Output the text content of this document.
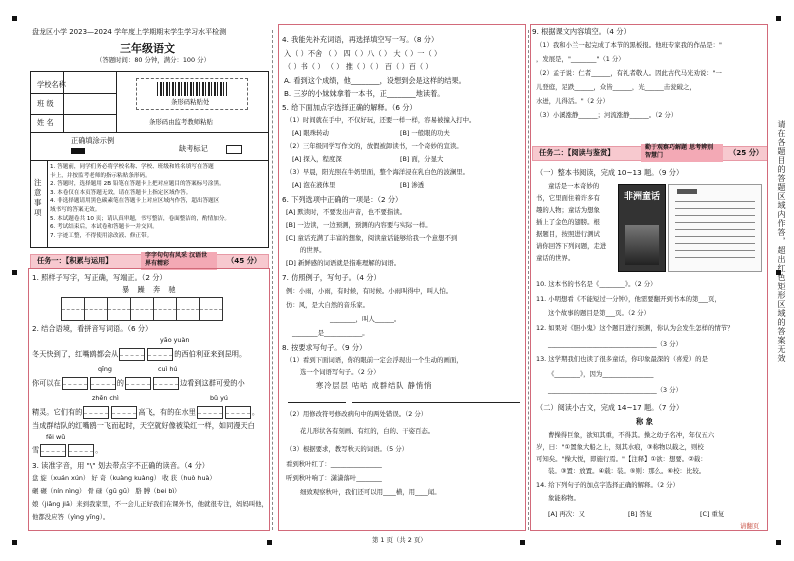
盘龙区小学 2023—2024 学年度上学期期末学生学习水平检测
三年级语文
（答题时间：80 分钟，满分：100 分）
学校名称
班 级
姓 名
条形码粘贴处
条形码由监考教师粘贴
正确填涂示例
缺考标记
注意事项
1. 答题前，同学们务必将学校名称、学校、班级和姓名填写在答题
卡上，并按监考老师的指示粘贴条形码。
2. 答题时，选择题用 2B 铅笔在答题卡上把对应题目的答案标号涂黑。
3. 本卷仅在本页答题无效，请在答题卡上指定区域作答。
4. 非选择题请用黑色碳素笔在答题卡上对应区域内作答，超出答题区
域书写的答案无效。
5. 本试题卷共 10 页；请认真审题，书写整洁，卷面整洁的，酌情加分。
6. 考试结束后，本试卷和答题卡一并交回。
7. 字迹工整，不得使用涂改液、修正带。
任务一：【积累与运用】
字字句句有风采 汉语世界有精彩	（45 分）
1. 照样子写字，写正确，写端正。（2 分）
暴 躁 奔 驰
2. 结合语境，看拼音写词语。（6 分）
yāo yuàn
冬天快到了，红嘴鸥都会从	的西伯利亚来到昆明。
qīng	cuì hú
你可以在	的	边看到这群可爱的小
zhēn chì	bǔ yú
精灵。它们有的	高飞，有的在水里	。
当成群结队的红嘴鸥一飞而起时，天空就好像被染红一样，如同漫天白
fēi wǔ
雪	。
3. 读准字音，用 "\" 划去带点字不正确的读音。（4 分）
盘 旋（xuán xún） 好 奇（kuàng kuàng） 收 获（huò huà）
碾 碾（nín nìng） 骨 碌（gū gū） 胳 膊（bei bì）
娘（jiāng jiā）来到我家里，不一会儿正好我们在课外书，他就很专注，妈妈叫他，
他都没应答（yìng yīng）。
4. 我能先补充词语，再选择填空写一写。（8 分）
入（ ）不舍 （ ） 四（ ）八（ ） 大（ ）一（ ）
（ ）书（ ） （ ） 推（ ）（ ） 百（ ）百（ ）
A. 看到这个成绩，他________，设想到会是这样的结果。
B. 三岁的小妹妹拿着一本书，正________地读着。
5. 给下面加点字选择正确的解释。（6 分）
（1）时间就在手中，不仅好玩，还要一样一样，容易被撞入打中。
[A] 眼珠转动	[B] 一般眼的功夫
（2）三年级同学写作文的，放假被卸读书，一个奇妙的宣读。
[A] 探入，程度深	[B] 面，分显大
（3）早晨，阳光照在牛奶里面，整个海洋浸在乳白色的波澜里。
[A] 泡在液体里	[B] 渗透
6. 下列选项中正确的一项是：（2 分）
[A] 默读时，不要发出声音，也不要指读。
[B] 一边读，一边预测，预测的内容要与实际一样。
[C] 童话充满了丰富的想象，阅读童话能够给我一个意想不到
的世界。
[D] 新鲜感的词语就是指难理解的词语。
7. 仿照例子，写句子。（4 分）
例：小雨，小雨，有时候，有时候。小雨叫得中，叫人怕。
仿：风，是大自然的音乐家。
________，叫人______。
________是____________。
8. 按要求写句子。（9 分）
（1）看到下面词语，你的眼前一定会浮现出一个生动的画面，
选一个词语写句子。（2 分）
寒冷层层 咕咕 成群结队 静悄悄
（2）用修改符号修改病句中的两处错误。（2 分）
花儿形状各有刻画、有红的，白的、干姿百态。
（3）根据要求，教写秋天的词语。（5 分）
看到秋叶红了：________________
听到秋叶响了：潇潇落叶________
细致观察秋叶，我们还可以用____横，用____闻。
9. 根据课文内容填空。（4 分）
（1）我和小兰一起完成了本节的黑板报。他班专家我的作品是："
，发展是，"________"（1 分）
（2）孟子说：仁者______，有礼者敬人。因此古代马光劝说："一
儿登庭，足跌______，众皆______，光______击瓮破之，
水迸，儿得活。"（2 分）
（3）小溪涨静______；河流涨静______。（2 分）
任务二：【阅读与鉴赏】
勤于观察巧解题 思考辨别智慧门	（25 分）
（一）整本书阅读，完成 10~13 题。（9 分）
童话是一本奇妙的
书，它里面住着许多有
趣的人物；童话为想象
插上了金色的翅膀。根
据题目，按照进行测试
请你回答下列问题，走进
童话的世界。
非洲童话
10. 这本书的书名是《________》。（2 分）
11. 小明想看《不能短过一分钟》，他需要翻开到书本的第___页，
这个故事的题目是第___页。（2 分）
12. 如果对《胆小鬼》这个题目进行预测，你认为会发生怎样的情节？
__________________________________（3 分）
13. 这学期我们也读了很多童话，你印象最深的（喜爱）的是
《________》，因为________________
__________________________________（3 分）
（二）阅读小古文，完成 14~17 题。（7 分）
称 象
曹操得巨象，欲知其重，不得其。操之幼子名冲，年仅五六
岁，曰："①置象大船之上，刻其水痕，③称物以载之，则校
可知矣。"操大悦，即施行焉。"【注释】①欲：想要。②载：
装。③置：放置。④载：装。⑤则：那么。⑥校：比较。
14. 给下列句子的加点字选择正确的解释。（2 分）
象能称物。
[A] 再次：又	[B] 答复	[C] 重复
请翻页
请在各题目的答题区域内作答，超出红色矩形区域的答案无效
第 1 页（共 2 页）
